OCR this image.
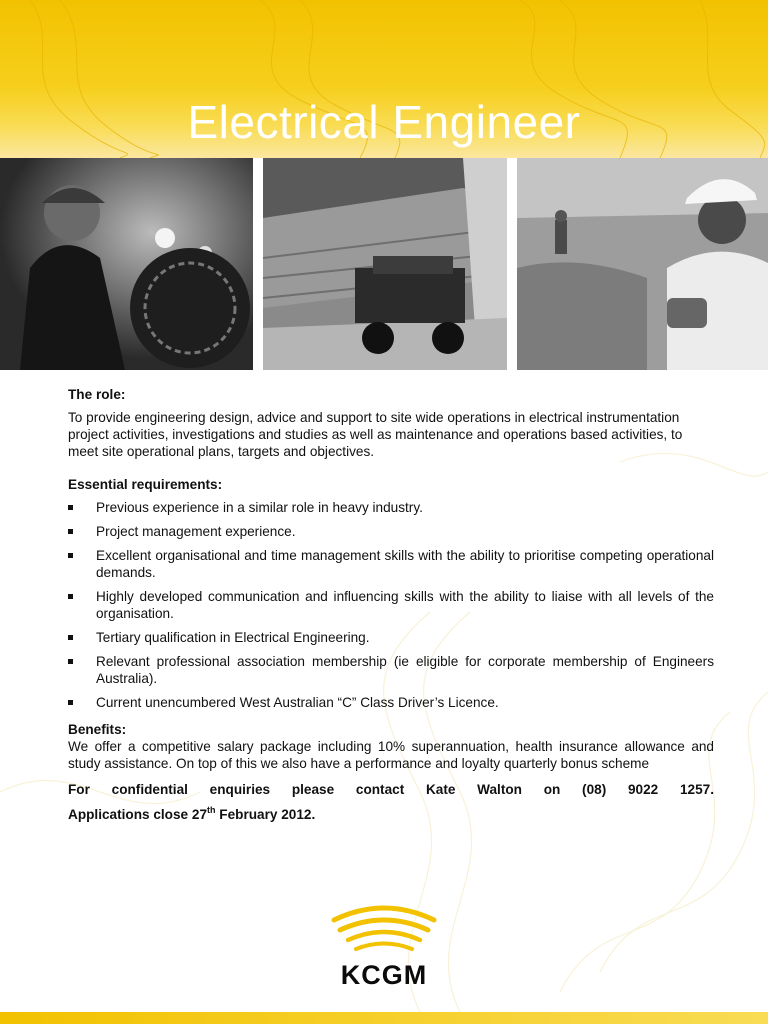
Electrical Engineer

The role:

To provide engineering design, advice and support to site wide operations in electrical instrumentation project activities, investigations and studies as well as maintenance and operations based activities, to meet site operational plans, targets and objectives.

Essential requirements:

Previous experience in a similar role in heavy industry.
Project management experience.
Excellent organisational and time management skills with the ability to prioritise competing operational demands.
Highly developed communication and influencing skills with the ability to liaise with all levels of the organisation.
Tertiary qualification in Electrical Engineering.
Relevant professional association membership (ie eligible for corporate membership of Engineers Australia).
Current unencumbered West Australian “C” Class Driver’s Licence.

Benefits:

We offer a competitive salary package including 10% superannuation, health insurance allowance and study assistance. On top of this we also have a performance and loyalty quarterly bonus scheme

For confidential enquiries please contact Kate Walton on (08) 9022 1257.

Applications close 27th February 2012.

KCGM
